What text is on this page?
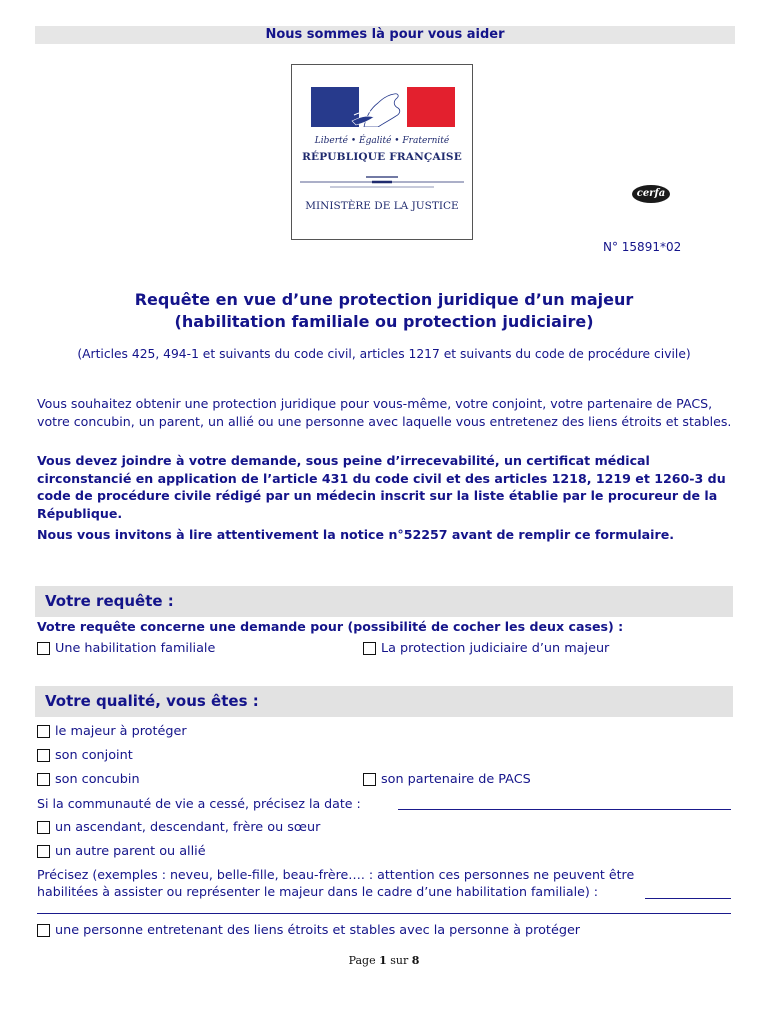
Nous sommes là pour vous aider
Liberté • Égalité • Fraternité
RÉPUBLIQUE FRANÇAISE
MINISTÈRE DE LA JUSTICE
cerfa
N° 15891*02
Requête en vue d’une protection juridique d’un majeur
(habilitation familiale ou protection judiciaire)
(Articles 425, 494-1 et suivants du code civil, articles 1217 et suivants du code de procédure civile)
Vous souhaitez obtenir une protection juridique pour vous-même, votre conjoint, votre partenaire de PACS, votre concubin, un parent, un allié ou une personne avec laquelle vous entretenez des liens étroits et stables.
Vous devez joindre à votre demande, sous peine d’irrecevabilité, un certificat médical circonstancié en application de l’article 431 du code civil et des articles 1218, 1219 et 1260-3 du code de procédure civile rédigé par un médecin inscrit sur la liste établie par le procureur de la République.
Nous vous invitons à lire attentivement la notice n°52257 avant de remplir ce formulaire.
Votre requête :
Votre requête concerne une demande pour (possibilité de cocher les deux cases) :
Une habilitation familiale	La protection judiciaire d’un majeur
Votre qualité, vous êtes :
le majeur à protéger
son conjoint
son concubin	son partenaire de PACS
Si la communauté de vie a cessé, précisez la date :
un ascendant, descendant, frère ou sœur
un autre parent ou allié
Précisez (exemples : neveu, belle-fille, beau-frère…. : attention ces personnes ne peuvent être
habilitées à assister ou représenter le majeur dans le cadre d’une habilitation familiale) :
une personne entretenant des liens étroits et stables avec la personne à protéger
Page 1 sur 8
